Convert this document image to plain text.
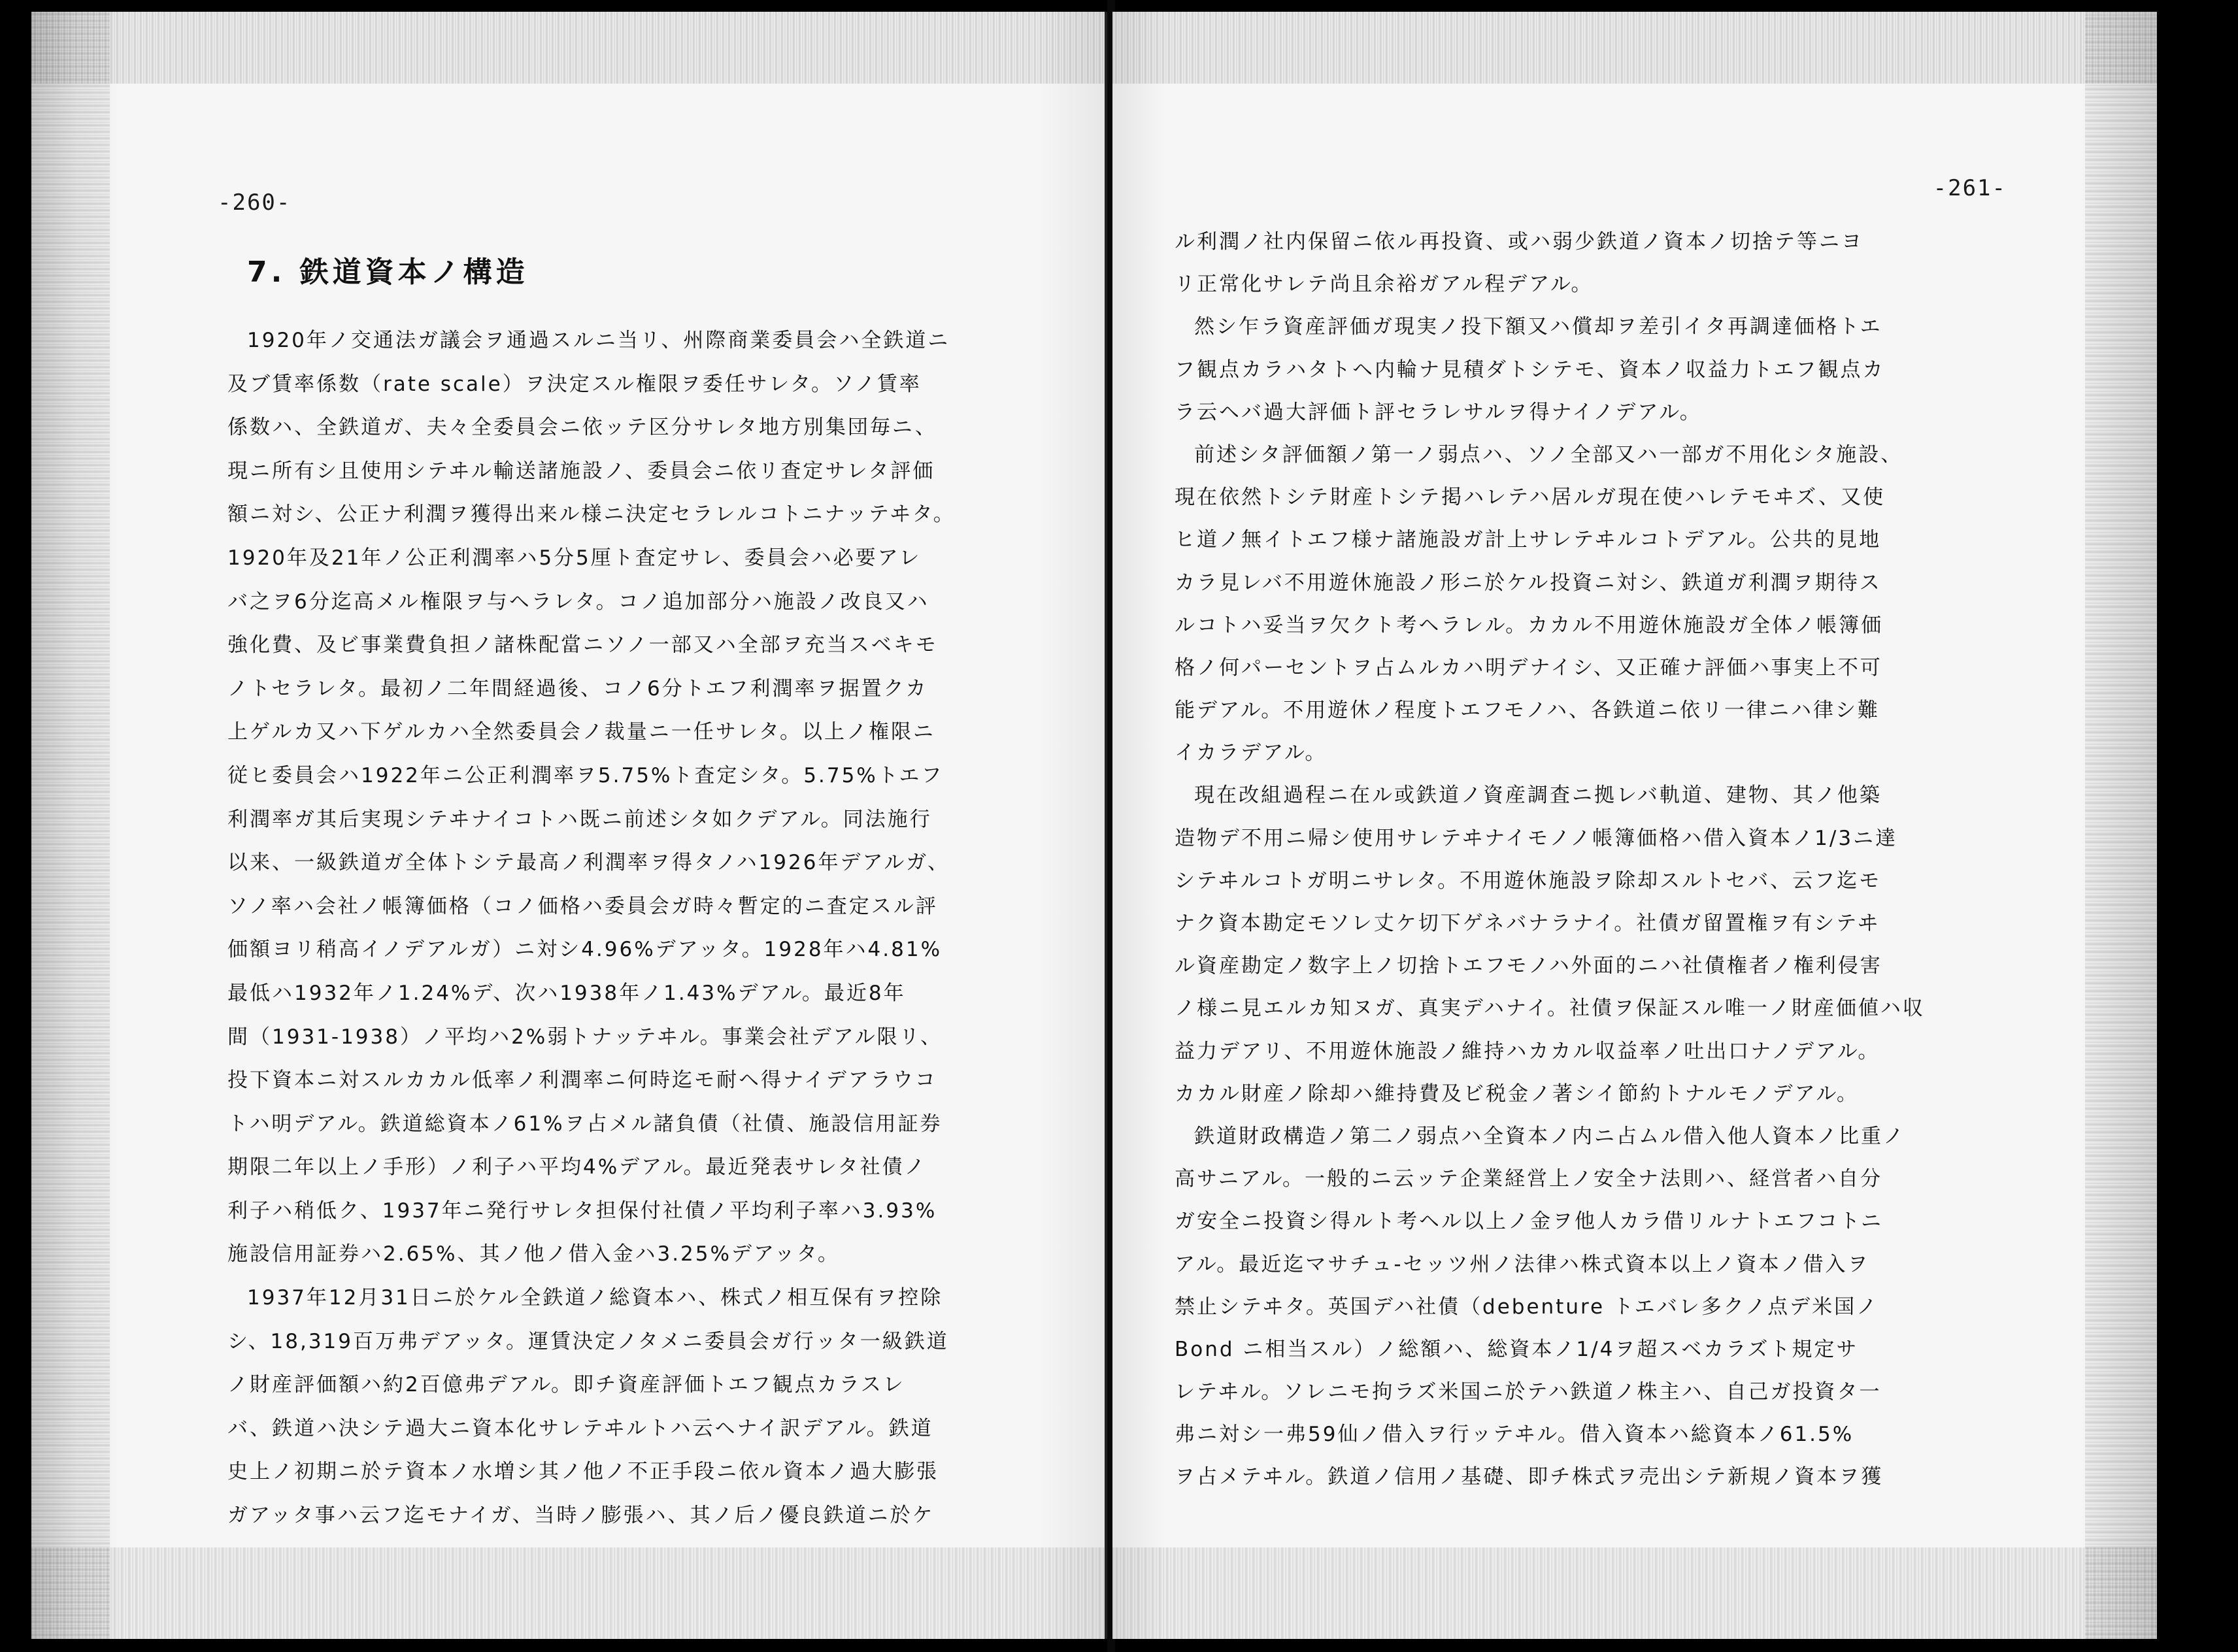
-260-
7. 鉄道資本ノ構造
1920年ノ交通法ガ議会ヲ通過スルニ当リ、州際商業委員会ハ全鉄道ニ
及ブ賃率係数（rate scale）ヲ決定スル権限ヲ委任サレタ。ソノ賃率
係数ハ、全鉄道ガ、夫々全委員会ニ依ッテ区分サレタ地方別集団毎ニ、
現ニ所有シ且使用シテヰル輸送諸施設ノ、委員会ニ依リ査定サレタ評価
額ニ対シ、公正ナ利潤ヲ獲得出来ル様ニ決定セラレルコトニナッテヰタ。
1920年及21年ノ公正利潤率ハ5分5厘ト査定サレ、委員会ハ必要アレ
バ之ヲ6分迄高メル権限ヲ与ヘラレタ。コノ追加部分ハ施設ノ改良又ハ
強化費、及ビ事業費負担ノ諸株配當ニソノ一部又ハ全部ヲ充当スベキモ
ノトセラレタ。最初ノ二年間経過後、コノ6分トエフ利潤率ヲ据置クカ
上ゲルカ又ハ下ゲルカハ全然委員会ノ裁量ニ一任サレタ。以上ノ権限ニ
従ヒ委員会ハ1922年ニ公正利潤率ヲ5.75%ト査定シタ。5.75%トエフ
利潤率ガ其后実現シテヰナイコトハ既ニ前述シタ如クデアル。同法施行
以来、一級鉄道ガ全体トシテ最高ノ利潤率ヲ得タノハ1926年デアルガ、
ソノ率ハ会社ノ帳簿価格（コノ価格ハ委員会ガ時々暫定的ニ査定スル評
価額ヨリ稍高イノデアルガ）ニ対シ4.96%デアッタ。1928年ハ4.81%
最低ハ1932年ノ1.24%デ、次ハ1938年ノ1.43%デアル。最近8年
間（1931-1938）ノ平均ハ2%弱トナッテヰル。事業会社デアル限リ、
投下資本ニ対スルカカル低率ノ利潤率ニ何時迄モ耐ヘ得ナイデアラウコ
トハ明デアル。鉄道総資本ノ61%ヲ占メル諸負債（社債、施設信用証券
期限二年以上ノ手形）ノ利子ハ平均4%デアル。最近発表サレタ社債ノ
利子ハ稍低ク、1937年ニ発行サレタ担保付社債ノ平均利子率ハ3.93%
施設信用証券ハ2.65%、其ノ他ノ借入金ハ3.25%デアッタ。
1937年12月31日ニ於ケル全鉄道ノ総資本ハ、株式ノ相互保有ヲ控除
シ、18,319百万弗デアッタ。運賃決定ノタメニ委員会ガ行ッタ一級鉄道
ノ財産評価額ハ約2百億弗デアル。即チ資産評価トエフ観点カラスレ
バ、鉄道ハ決シテ過大ニ資本化サレテヰルトハ云ヘナイ訳デアル。鉄道
史上ノ初期ニ於テ資本ノ水増シ其ノ他ノ不正手段ニ依ル資本ノ過大膨張
ガアッタ事ハ云フ迄モナイガ、当時ノ膨張ハ、其ノ后ノ優良鉄道ニ於ケ
-261-
ル利潤ノ社内保留ニ依ル再投資、或ハ弱少鉄道ノ資本ノ切捨テ等ニヨ
リ正常化サレテ尚且余裕ガアル程デアル。
然シ乍ラ資産評価ガ現実ノ投下額又ハ償却ヲ差引イタ再調達価格トエ
フ観点カラハタトヘ内輪ナ見積ダトシテモ、資本ノ収益力トエフ観点カ
ラ云ヘバ過大評価ト評セラレサルヲ得ナイノデアル。
前述シタ評価額ノ第一ノ弱点ハ、ソノ全部又ハ一部ガ不用化シタ施設、
現在依然トシテ財産トシテ掲ハレテハ居ルガ現在使ハレテモヰズ、又使
ヒ道ノ無イトエフ様ナ諸施設ガ計上サレテヰルコトデアル。公共的見地
カラ見レバ不用遊休施設ノ形ニ於ケル投資ニ対シ、鉄道ガ利潤ヲ期待ス
ルコトハ妥当ヲ欠クト考ヘラレル。カカル不用遊休施設ガ全体ノ帳簿価
格ノ何パーセントヲ占ムルカハ明デナイシ、又正確ナ評価ハ事実上不可
能デアル。不用遊休ノ程度トエフモノハ、各鉄道ニ依リ一律ニハ律シ難
イカラデアル。
現在改組過程ニ在ル或鉄道ノ資産調査ニ拠レバ軌道、建物、其ノ他築
造物デ不用ニ帰シ使用サレテヰナイモノノ帳簿価格ハ借入資本ノ1/3ニ達
シテヰルコトガ明ニサレタ。不用遊休施設ヲ除却スルトセバ、云フ迄モ
ナク資本勘定モソレ丈ケ切下ゲネバナラナイ。社債ガ留置権ヲ有シテヰ
ル資産勘定ノ数字上ノ切捨トエフモノハ外面的ニハ社債権者ノ権利侵害
ノ様ニ見エルカ知ヌガ、真実デハナイ。社債ヲ保証スル唯一ノ財産価値ハ収
益力デアリ、不用遊休施設ノ維持ハカカル収益率ノ吐出口ナノデアル。
カカル財産ノ除却ハ維持費及ビ税金ノ著シイ節約トナルモノデアル。
鉄道財政構造ノ第二ノ弱点ハ全資本ノ内ニ占ムル借入他人資本ノ比重ノ
高サニアル。一般的ニ云ッテ企業経営上ノ安全ナ法則ハ、経営者ハ自分
ガ安全ニ投資シ得ルト考ヘル以上ノ金ヲ他人カラ借リルナトエフコトニ
アル。最近迄マサチュ-セッツ州ノ法律ハ株式資本以上ノ資本ノ借入ヲ
禁止シテヰタ。英国デハ社債（debenture トエバレ多クノ点デ米国ノ
Bond ニ相当スル）ノ総額ハ、総資本ノ1/4ヲ超スベカラズト規定サ
レテヰル。ソレニモ拘ラズ米国ニ於テハ鉄道ノ株主ハ、自己ガ投資タ一
弗ニ対シ一弗59仙ノ借入ヲ行ッテヰル。借入資本ハ総資本ノ61.5%
ヲ占メテヰル。鉄道ノ信用ノ基礎、即チ株式ヲ売出シテ新規ノ資本ヲ獲
